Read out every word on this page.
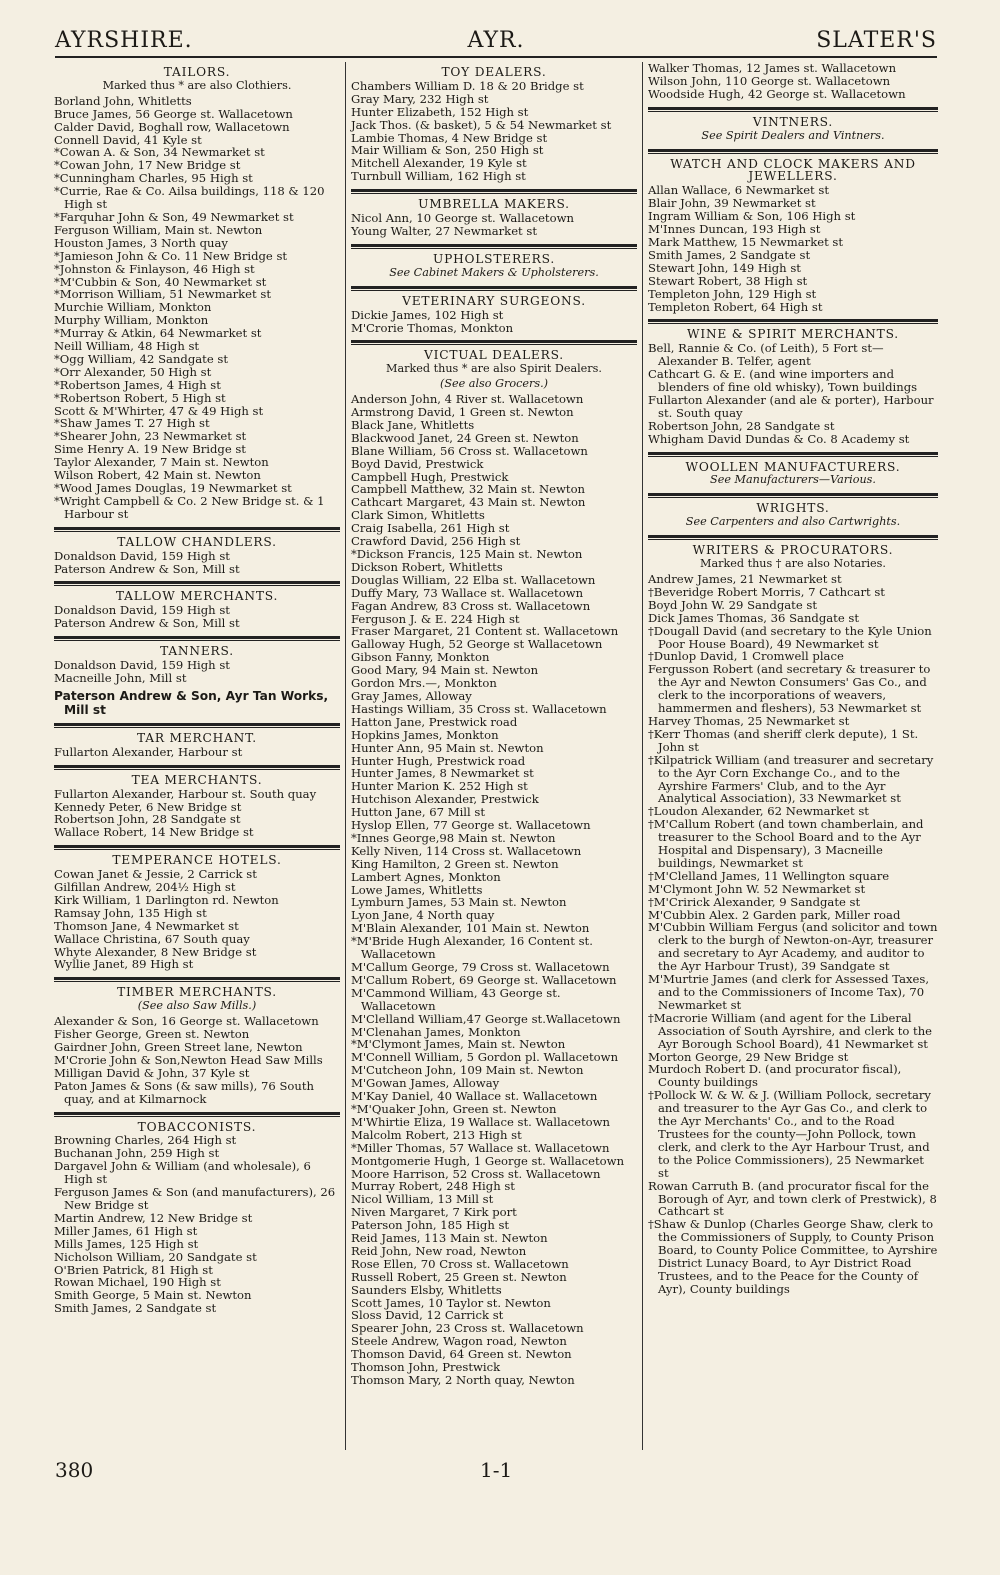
AYRSHIRE.	AYR.	SLATER'S
TAILORS.
Marked thus * are also Clothiers.
Borland John, Whitletts
Bruce James, 56 George st. Wallacetown
Calder David, Boghall row, Wallacetown
Connell David, 41 Kyle st
*Cowan A. & Son, 34 Newmarket st
*Cowan John, 17 New Bridge st
*Cunningham Charles, 95 High st
*Currie, Rae & Co. Ailsa buildings, 118 & 120 High st
*Farquhar John & Son, 49 Newmarket st
Ferguson William, Main st. Newton
Houston James, 3 North quay
*Jamieson John & Co. 11 New Bridge st
*Johnston & Finlayson, 46 High st
*M'Cubbin & Son, 40 Newmarket st
*Morrison William, 51 Newmarket st
Murchie William, Monkton
Murphy William, Monkton
*Murray & Atkin, 64 Newmarket st
Neill William, 48 High st
*Ogg William, 42 Sandgate st
*Orr Alexander, 50 High st
*Robertson James, 4 High st
*Robertson Robert, 5 High st
Scott & M'Whirter, 47 & 49 High st
*Shaw James T. 27 High st
*Shearer John, 23 Newmarket st
Sime Henry A. 19 New Bridge st
Taylor Alexander, 7 Main st. Newton
Wilson Robert, 42 Main st. Newton
*Wood James Douglas, 19 Newmarket st
*Wright Campbell & Co. 2 New Bridge st. & 1 Harbour st
TALLOW CHANDLERS.
Donaldson David, 159 High st
Paterson Andrew & Son, Mill st
TALLOW MERCHANTS.
Donaldson David, 159 High st
Paterson Andrew & Son, Mill st
TANNERS.
Donaldson David, 159 High st
Macneille John, Mill st
Paterson Andrew & Son, Ayr Tan Works, Mill st
TAR MERCHANT.
Fullarton Alexander, Harbour st
TEA MERCHANTS.
Fullarton Alexander, Harbour st. South quay
Kennedy Peter, 6 New Bridge st
Robertson John, 28 Sandgate st
Wallace Robert, 14 New Bridge st
TEMPERANCE HOTELS.
Cowan Janet & Jessie, 2 Carrick st
Gilfillan Andrew, 204½ High st
Kirk William, 1 Darlington rd. Newton
Ramsay John, 135 High st
Thomson Jane, 4 Newmarket st
Wallace Christina, 67 South quay
Whyte Alexander, 8 New Bridge st
Wyllie Janet, 89 High st
TIMBER MERCHANTS.
(See also Saw Mills.)
Alexander & Son, 16 George st. Wallacetown
Fisher George, Green st. Newton
Gairdner John, Green Street lane, Newton
M'Crorie John & Son,Newton Head Saw Mills
Milligan David & John, 37 Kyle st
Paton James & Sons (& saw mills), 76 South quay, and at Kilmarnock
TOBACCONISTS.
Browning Charles, 264 High st
Buchanan John, 259 High st
Dargavel John & William (and wholesale), 6 High st
Ferguson James & Son (and manufacturers), 26 New Bridge st
Martin Andrew, 12 New Bridge st
Miller James, 61 High st
Mills James, 125 High st
Nicholson William, 20 Sandgate st
O'Brien Patrick, 81 High st
Rowan Michael, 190 High st
Smith George, 5 Main st. Newton
Smith James, 2 Sandgate st
TOY DEALERS.
Chambers William D. 18 & 20 Bridge st
Gray Mary, 232 High st
Hunter Elizabeth, 152 High st
Jack Thos. (& basket), 5 & 54 Newmarket st
Lambie Thomas, 4 New Bridge st
Mair William & Son, 250 High st
Mitchell Alexander, 19 Kyle st
Turnbull William, 162 High st
UMBRELLA MAKERS.
Nicol Ann, 10 George st. Wallacetown
Young Walter, 27 Newmarket st
UPHOLSTERERS.
See Cabinet Makers & Upholsterers.
VETERINARY SURGEONS.
Dickie James, 102 High st
M'Crorie Thomas, Monkton
VICTUAL DEALERS.
Marked thus * are also Spirit Dealers.
(See also Grocers.)
Anderson John, 4 River st. Wallacetown
Armstrong David, 1 Green st. Newton
Black Jane, Whitletts
Blackwood Janet, 24 Green st. Newton
Blane William, 56 Cross st. Wallacetown
Boyd David, Prestwick
Campbell Hugh, Prestwick
Campbell Matthew, 32 Main st. Newton
Cathcart Margaret, 43 Main st. Newton
Clark Simon, Whitletts
Craig Isabella, 261 High st
Crawford David, 256 High st
*Dickson Francis, 125 Main st. Newton
Dickson Robert, Whitletts
Douglas William, 22 Elba st. Wallacetown
Duffy Mary, 73 Wallace st. Wallacetown
Fagan Andrew, 83 Cross st. Wallacetown
Ferguson J. & E. 224 High st
Fraser Margaret, 21 Content st. Wallacetown
Galloway Hugh, 52 George st Wallacetown
Gibson Fanny, Monkton
Good Mary, 94 Main st. Newton
Gordon Mrs.—, Monkton
Gray James, Alloway
Hastings William, 35 Cross st. Wallacetown
Hatton Jane, Prestwick road
Hopkins James, Monkton
Hunter Ann, 95 Main st. Newton
Hunter Hugh, Prestwick road
Hunter James, 8 Newmarket st
Hunter Marion K. 252 High st
Hutchison Alexander, Prestwick
Hutton Jane, 67 Mill st
Hyslop Ellen, 77 George st. Wallacetown
*Innes George,98 Main st. Newton
Kelly Niven, 114 Cross st. Wallacetown
King Hamilton, 2 Green st. Newton
Lambert Agnes, Monkton
Lowe James, Whitletts
Lymburn James, 53 Main st. Newton
Lyon Jane, 4 North quay
M'Blain Alexander, 101 Main st. Newton
*M'Bride Hugh Alexander, 16 Content st. Wallacetown
M'Callum George, 79 Cross st. Wallacetown
M'Callum Robert, 69 George st. Wallacetown
M'Cammond William, 43 George st. Wallacetown
M'Clelland William,47 George st.Wallacetown
M'Clenahan James, Monkton
*M'Clymont James, Main st. Newton
M'Connell William, 5 Gordon pl. Wallacetown
M'Cutcheon John, 109 Main st. Newton
M'Gowan James, Alloway
M'Kay Daniel, 40 Wallace st. Wallacetown
*M'Quaker John, Green st. Newton
M'Whirtie Eliza, 19 Wallace st. Wallacetown
Malcolm Robert, 213 High st
*Miller Thomas, 57 Wallace st. Wallacetown
Montgomerie Hugh, 1 George st. Wallacetown
Moore Harrison, 52 Cross st. Wallacetown
Murray Robert, 248 High st
Nicol William, 13 Mill st
Niven Margaret, 7 Kirk port
Paterson John, 185 High st
Reid James, 113 Main st. Newton
Reid John, New road, Newton
Rose Ellen, 70 Cross st. Wallacetown
Russell Robert, 25 Green st. Newton
Saunders Elsby, Whitletts
Scott James, 10 Taylor st. Newton
Sloss David, 12 Carrick st
Spearer John, 23 Cross st. Wallacetown
Steele Andrew, Wagon road, Newton
Thomson David, 64 Green st. Newton
Thomson John, Prestwick
Thomson Mary, 2 North quay, Newton
Walker Thomas, 12 James st. Wallacetown
Wilson John, 110 George st. Wallacetown
Woodside Hugh, 42 George st. Wallacetown
VINTNERS.
See Spirit Dealers and Vintners.
WATCH AND CLOCK MAKERS AND JEWELLERS.
Allan Wallace, 6 Newmarket st
Blair John, 39 Newmarket st
Ingram William & Son, 106 High st
M'Innes Duncan, 193 High st
Mark Matthew, 15 Newmarket st
Smith James, 2 Sandgate st
Stewart John, 149 High st
Stewart Robert, 38 High st
Templeton John, 129 High st
Templeton Robert, 64 High st
WINE & SPIRIT MERCHANTS.
Bell, Rannie & Co. (of Leith), 5 Fort st—Alexander B. Telfer, agent
Cathcart G. & E. (and wine importers and blenders of fine old whisky), Town buildings
Fullarton Alexander (and ale & porter), Harbour st. South quay
Robertson John, 28 Sandgate st
Whigham David Dundas & Co. 8 Academy st
WOOLLEN MANUFACTURERS.
See Manufacturers—Various.
WRIGHTS.
See Carpenters and also Cartwrights.
WRITERS & PROCURATORS.
Marked thus † are also Notaries.
Andrew James, 21 Newmarket st
†Beveridge Robert Morris, 7 Cathcart st
Boyd John W. 29 Sandgate st
Dick James Thomas, 36 Sandgate st
†Dougall David (and secretary to the Kyle Union Poor House Board), 49 Newmarket st
†Dunlop David, 1 Cromwell place
Fergusson Robert (and secretary & treasurer to the Ayr and Newton Consumers' Gas Co., and clerk to the incorporations of weavers, hammermen and fleshers), 53 Newmarket st
Harvey Thomas, 25 Newmarket st
†Kerr Thomas (and sheriff clerk depute), 1 St. John st
†Kilpatrick William (and treasurer and secretary to the Ayr Corn Exchange Co., and to the Ayrshire Farmers' Club, and to the Ayr Analytical Association), 33 Newmarket st
†Loudon Alexander, 62 Newmarket st
†M'Callum Robert (and town chamberlain, and treasurer to the School Board and to the Ayr Hospital and Dispensary), 3 Macneille buildings, Newmarket st
†M'Clelland James, 11 Wellington square
M'Clymont John W. 52 Newmarket st
†M'Cririck Alexander, 9 Sandgate st
M'Cubbin Alex. 2 Garden park, Miller road
M'Cubbin William Fergus (and solicitor and town clerk to the burgh of Newton-on-Ayr, treasurer and secretary to Ayr Academy, and auditor to the Ayr Harbour Trust), 39 Sandgate st
M'Murtrie James (and clerk for Assessed Taxes, and to the Commissioners of Income Tax), 70 Newmarket st
†Macrorie William (and agent for the Liberal Association of South Ayrshire, and clerk to the Ayr Borough School Board), 41 Newmarket st
Morton George, 29 New Bridge st
Murdoch Robert D. (and procurator fiscal), County buildings
†Pollock W. & W. & J. (William Pollock, secretary and treasurer to the Ayr Gas Co., and clerk to the Ayr Merchants' Co., and to the Road Trustees for the county—John Pollock, town clerk, and clerk to the Ayr Harbour Trust, and to the Police Commissioners), 25 Newmarket st
Rowan Carruth B. (and procurator fiscal for the Borough of Ayr, and town clerk of Prestwick), 8 Cathcart st
†Shaw & Dunlop (Charles George Shaw, clerk to the Commissioners of Supply, to County Prison Board, to County Police Committee, to Ayrshire District Lunacy Board, to Ayr District Road Trustees, and to the Peace for the County of Ayr), County buildings
380	1-1
